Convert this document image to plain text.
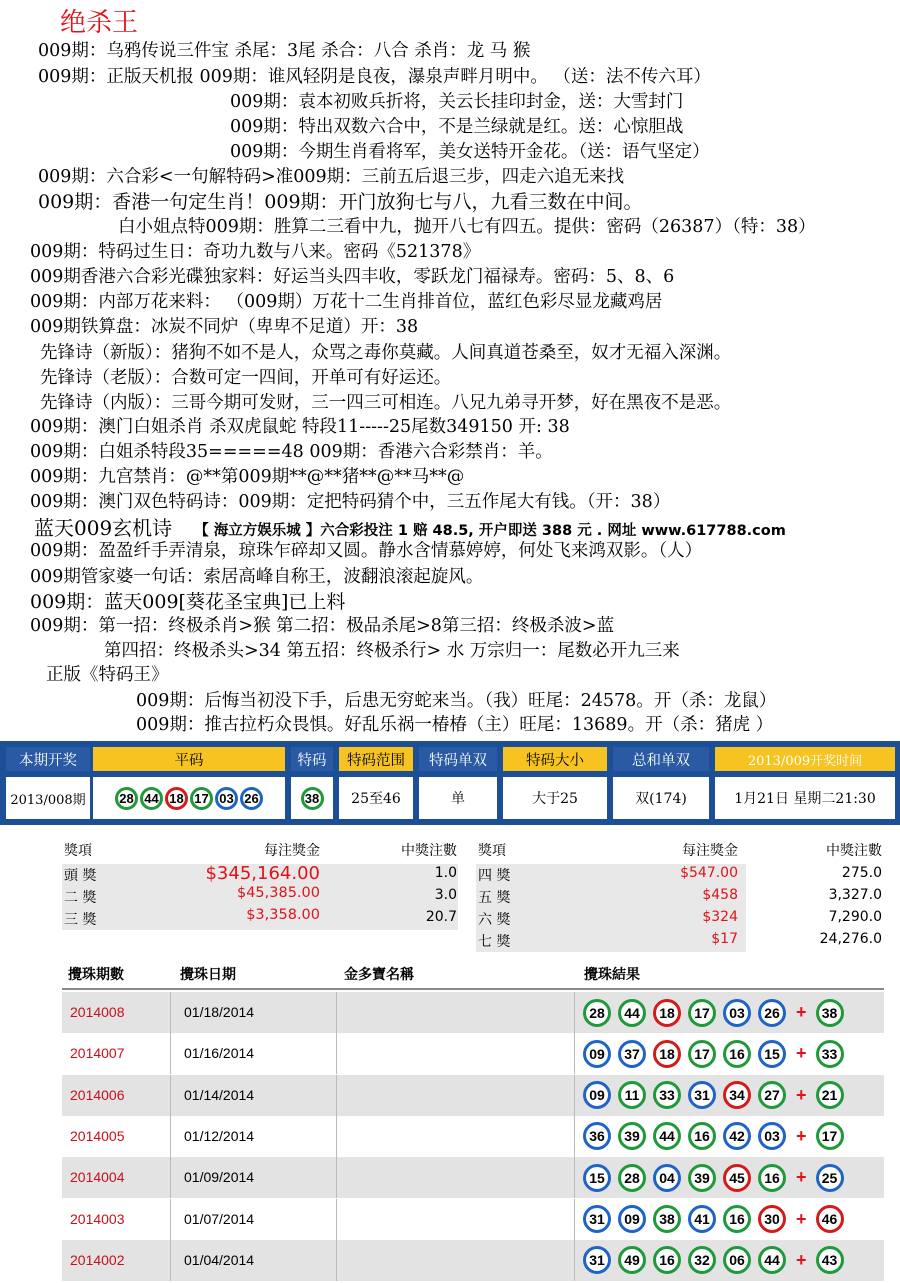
绝杀王
009期：乌鸦传说三件宝 杀尾：3尾 杀合：八合 杀肖：龙 马 猴
009期：正版天机报 009期：谁风轻阴是良夜，瀑泉声畔月明中。 （送：法不传六耳）
009期：袁本初败兵折将，关云长挂印封金，送：大雪封门
009期：特出双数六合中，不是兰绿就是红。送：心惊胆战
009期：今期生肖看将军，美女送特开金花。（送：语气坚定）
009期：六合彩<一句解特码>准009期：三前五后退三步，四走六追无来找
009期：香港一句定生肖！009期：开门放狗七与八，九看三数在中间。
白小姐点特009期：胜算二三看中九，抛开八七有四五。提供：密码（26387）（特：38）
009期：特码过生日：奇功九数与八来。密码《521378》
009期香港六合彩光碟独家料：好运当头四丰收，零跃龙门福禄寿。密码：5、8、6
009期：内部万花来料： （009期）万花十二生肖排首位，蓝红色彩尽显龙藏鸡居
009期铁算盘：冰炭不同炉（卑卑不足道）开：38
先锋诗（新版）：猪狗不如不是人，众骂之毒你莫藏。人间真道苍桑至，奴才无福入深渊。
先锋诗（老版）：合数可定一四间，开单可有好运还。
先锋诗（内版）：三哥今期可发财，三一四三可相连。八兄九弟寻开梦，好在黑夜不是恶。
009期：澳门白姐杀肖 杀双虎鼠蛇 特段11-----25尾数349150 开: 38
009期：白姐杀特段35=====48 009期：香港六合彩禁肖：羊。
009期：九宫禁肖：@**第009期**@**猪**@**马**@
009期：澳门双色特码诗：009期：定把特码猜个中，三五作尾大有钱。（开：38）
009期：盈盈纤手弄清泉，琼珠乍碎却又圆。静水含情慕婷婷，何处飞来鸿双影。（人）
009期管家婆一句话：索居高峰自称王，波翻浪滚起旋风。
009期：蓝天009[葵花圣宝典]已上料
009期：第一招：终极杀肖>猴 第二招：极品杀尾>8第三招：终极杀波>蓝
第四招：终极杀头>34 第五招：终极杀行> 水 万宗归一：尾数必开九三来
正版《特码王》
009期：后悔当初没下手，后患无穷蛇来当。（我）旺尾：24578。开（杀：龙鼠）
009期：推古拉朽众畏惧。好乱乐祸一椿椿（主）旺尾：13689。开（杀：猪虎 ）
蓝天009玄机诗 【 海立方娱乐城 】六合彩投注 1 赔 48.5, 开户即送 388 元 . 网址 www.617788.com
本期开奖	平码	特码	特码范围	特码单双	特码大小	总和单双	2013/009开奖时间
2013/008期	28 44 18 17 03 26	38	25至46	单	大于25	双(174)	1月21日 星期二21:30
獎項	每注獎金	中獎注數 獎項	每注獎金	中獎注數
頭 獎	$345,164.00	1.0
二 獎	$45,385.00	3.0
三 獎	$3,358.00	20.7
四 獎	$547.00	275.0
五 獎	$458	3,327.0
六 獎	$324	7,290.0
七 獎	$17	24,276.0
攪珠期數	攪珠日期	金多寶名稱	攪珠結果
2014008	01/18/2014	28	44	18	17	03	26 +	38
2014007	01/16/2014	09	37	18	17	16	15 +	33
2014006	01/14/2014	09	11	33	31	34	27 +	21
2014005	01/12/2014	36	39	44	16	42	03 +	17
2014004	01/09/2014	15	28	04	39	45	16 +	25
2014003	01/07/2014	31	09	38	41	16	30 +	46
2014002	01/04/2014	31	49	16	32	06	44 +	43
